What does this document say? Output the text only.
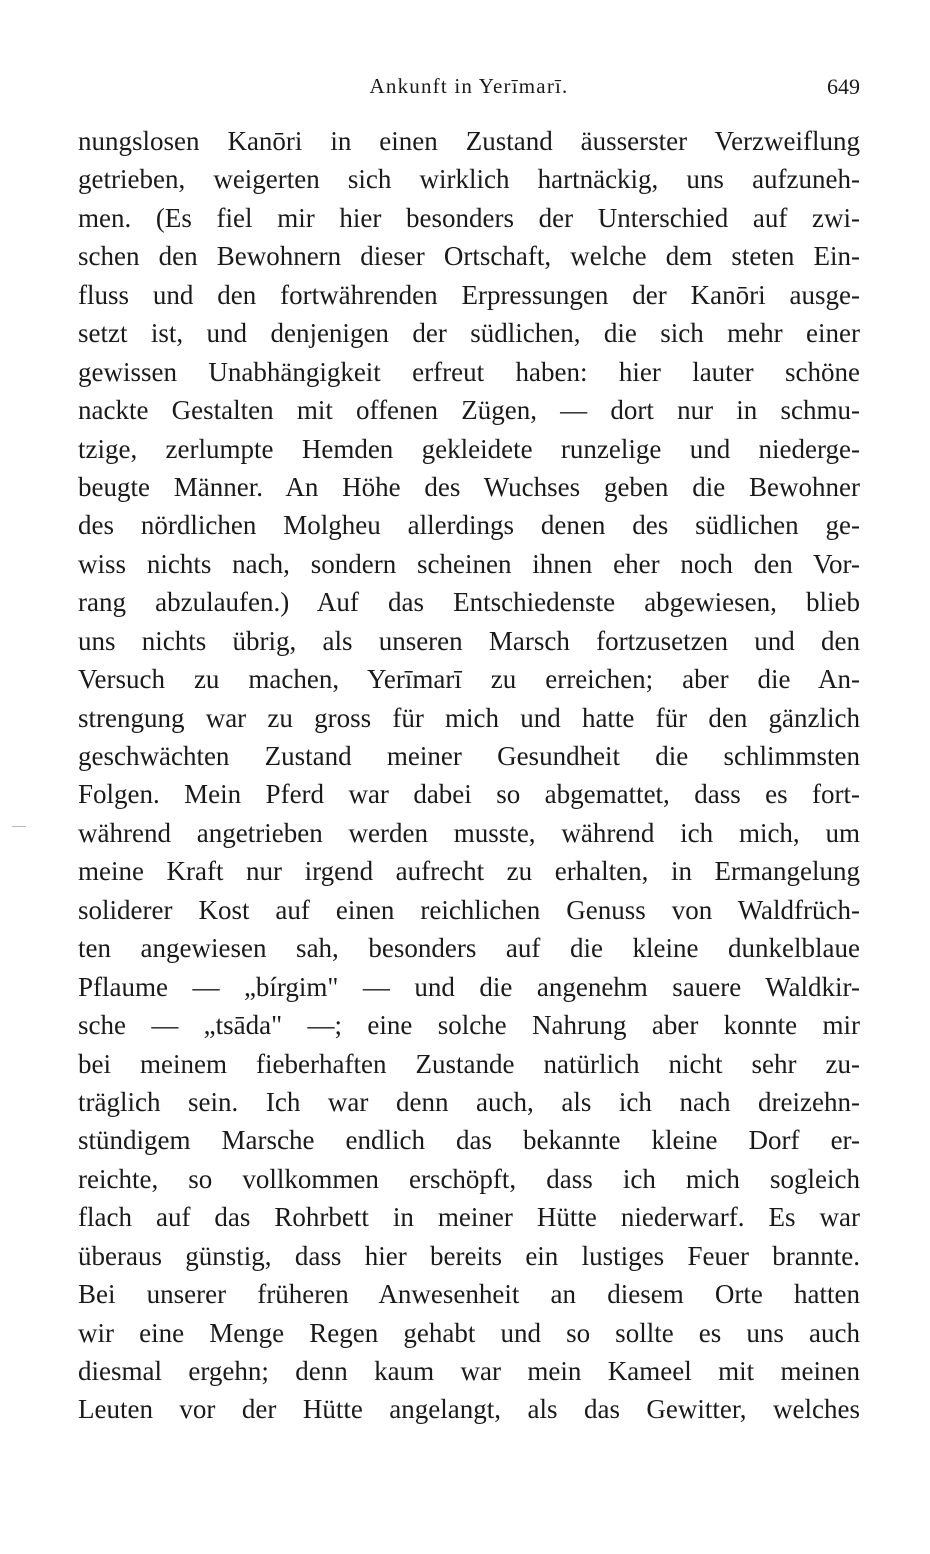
Ankunft in Yerīmarī.	649
nungslosen Kanōri in einen Zustand äusserster Verzweiflung
getrieben, weigerten sich wirklich hartnäckig, uns aufzuneh-
men. (Es fiel mir hier besonders der Unterschied auf zwi-
schen den Bewohnern dieser Ortschaft, welche dem steten Ein-
fluss und den fortwährenden Erpressungen der Kanōri ausge-
setzt ist, und denjenigen der südlichen, die sich mehr einer
gewissen Unabhängigkeit erfreut haben: hier lauter schöne
nackte Gestalten mit offenen Zügen, — dort nur in schmu-
tzige, zerlumpte Hemden gekleidete runzelige und niederge-
beugte Männer. An Höhe des Wuchses geben die Bewohner
des nördlichen Molgheu allerdings denen des südlichen ge-
wiss nichts nach, sondern scheinen ihnen eher noch den Vor-
rang abzulaufen.) Auf das Entschiedenste abgewiesen, blieb
uns nichts übrig, als unseren Marsch fortzusetzen und den
Versuch zu machen, Yerīmarī zu erreichen; aber die An-
strengung war zu gross für mich und hatte für den gänzlich
geschwächten Zustand meiner Gesundheit die schlimmsten
Folgen. Mein Pferd war dabei so abgemattet, dass es fort-
während angetrieben werden musste, während ich mich, um
meine Kraft nur irgend aufrecht zu erhalten, in Ermangelung
soliderer Kost auf einen reichlichen Genuss von Waldfrüch-
ten angewiesen sah, besonders auf die kleine dunkelblaue
Pflaume — „bírgim" — und die angenehm sauere Waldkir-
sche — „tsāda" —; eine solche Nahrung aber konnte mir
bei meinem fieberhaften Zustande natürlich nicht sehr zu-
träglich sein. Ich war denn auch, als ich nach dreizehn-
stündigem Marsche endlich das bekannte kleine Dorf er-
reichte, so vollkommen erschöpft, dass ich mich sogleich
flach auf das Rohrbett in meiner Hütte niederwarf. Es war
überaus günstig, dass hier bereits ein lustiges Feuer brannte.
Bei unserer früheren Anwesenheit an diesem Orte hatten
wir eine Menge Regen gehabt und so sollte es uns auch
diesmal ergehn; denn kaum war mein Kameel mit meinen
Leuten vor der Hütte angelangt, als das Gewitter, welches
